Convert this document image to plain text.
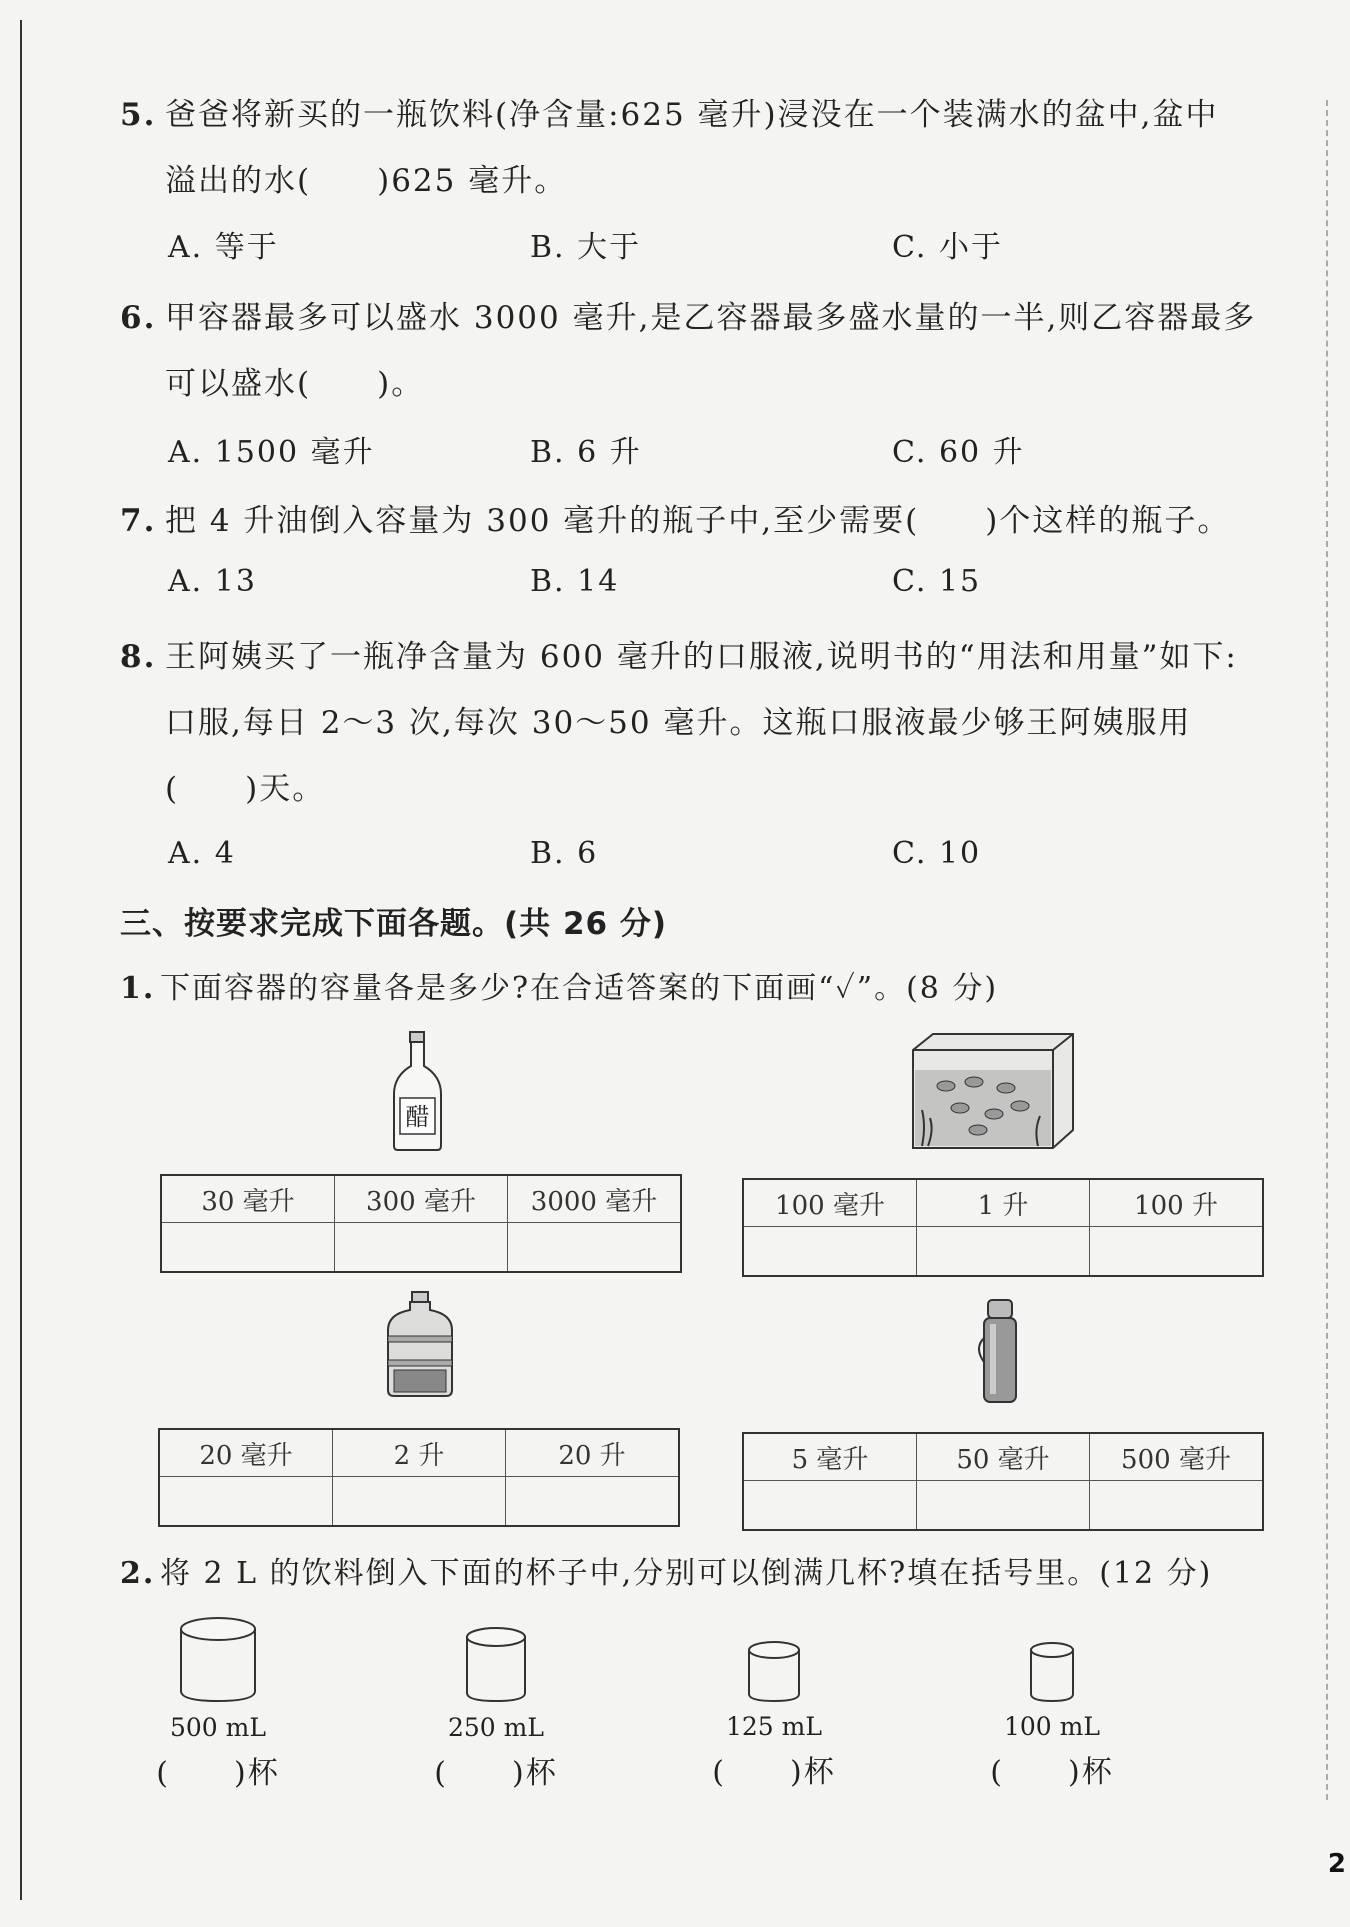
5. 爸爸将新买的一瓶饮料(净含量:625 毫升)浸没在一个装满水的盆中,盆中
溢出的水(　　)625 毫升。
A. 等于	B. 大于	C. 小于
6. 甲容器最多可以盛水 3000 毫升,是乙容器最多盛水量的一半,则乙容器最多
可以盛水(　　)。
A. 1500 毫升	B. 6 升	C. 60 升
7. 把 4 升油倒入容量为 300 毫升的瓶子中,至少需要(　　)个这样的瓶子。
A. 13	B. 14	C. 15
8. 王阿姨买了一瓶净含量为 600 毫升的口服液,说明书的“用法和用量”如下:
口服,每日 2～3 次,每次 30～50 毫升。这瓶口服液最少够王阿姨服用
(　　)天。
A. 4	B. 6	C. 10
三、按要求完成下面各题。(共 26 分)
1. 下面容器的容量各是多少?在合适答案的下面画“✓”。(8 分)
醋
30 毫升	300 毫升	3000 毫升
			100 毫升	1 升	100 升

20 毫升	2 升	20 升
			5 毫升	50 毫升	500 毫升

2. 将 2 L 的饮料倒入下面的杯子中,分别可以倒满几杯?填在括号里。(12 分)
500 mL
(　　)杯
250 mL
(　　)杯
125 mL
(　　)杯
100 mL
(　　)杯
2
